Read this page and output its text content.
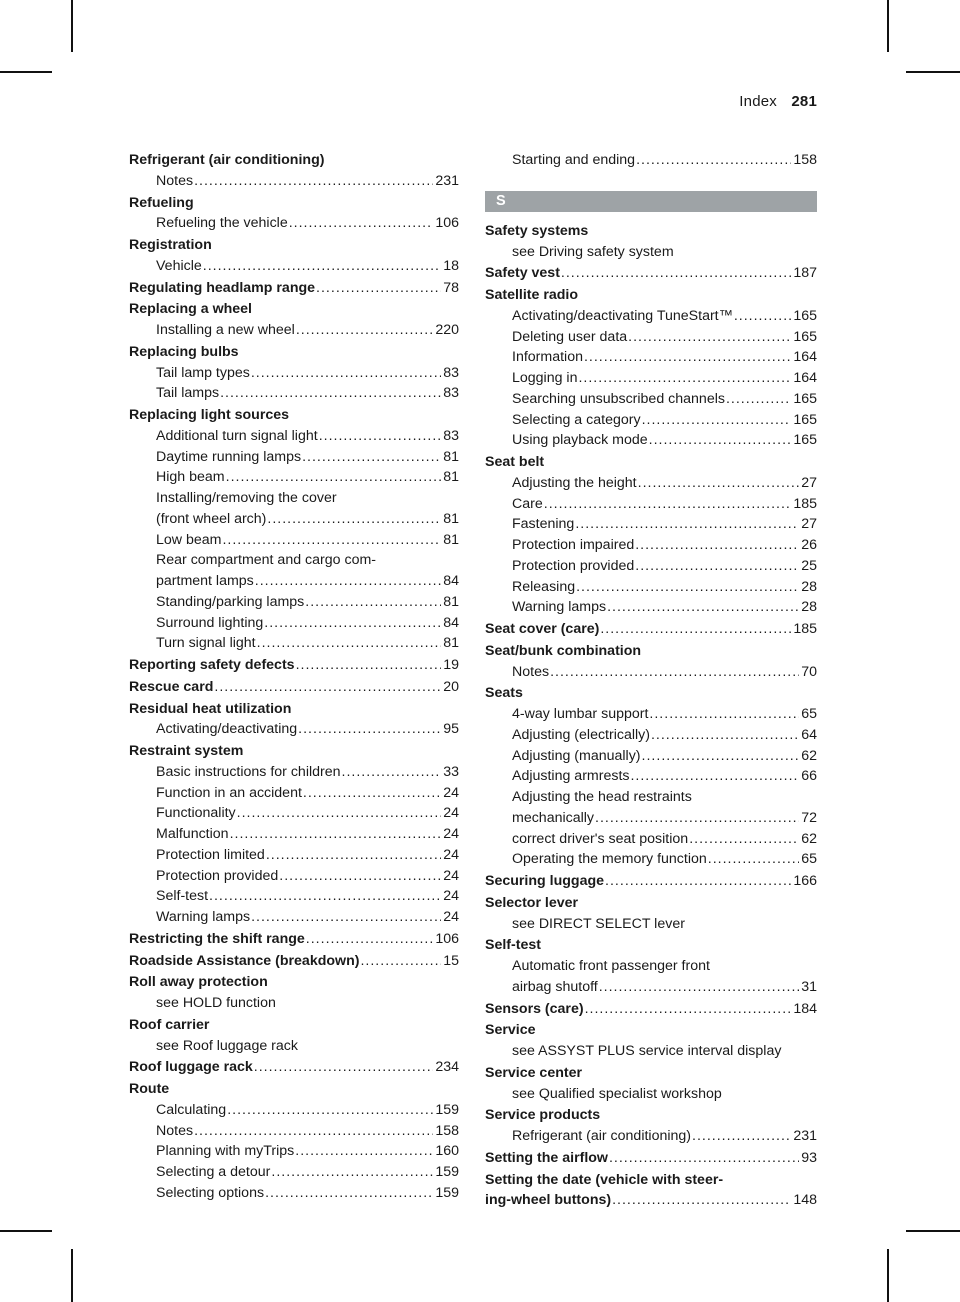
Index 281
Refrigerant (air conditioning)
Notes .....	231
Refueling
Refueling the vehicle .....	106
Registration
Vehicle .....	18
Regulating headlamp range .....	78
Replacing a wheel
Installing a new wheel .....	220
Replacing bulbs
Tail lamp types .....	83
Tail lamps .....	83
Replacing light sources
Additional turn signal light .....	83
Daytime running lamps .....	81
High beam .....	81
Installing/removing the cover
(front wheel arch) .....	81
Low beam .....	81
Rear compartment and cargo com-
partment lamps .....	84
Standing/parking lamps .....	81
Surround lighting .....	84
Turn signal light .....	81
Reporting safety defects .....	19
Rescue card .....	20
Residual heat utilization
Activating/deactivating .....	95
Restraint system
Basic instructions for children .....	33
Function in an accident .....	24
Functionality .....	24
Malfunction .....	24
Protection limited .....	24
Protection provided .....	24
Self-test .....	24
Warning lamps .....	24
Restricting the shift range .....	106
Roadside Assistance (breakdown) .....	15
Roll away protection
see HOLD function
Roof carrier
see Roof luggage rack
Roof luggage rack .....	234
Route
Calculating .....	159
Notes .....	158
Planning with myTrips .....	160
Selecting a detour .....	159
Selecting options .....	159
Starting and ending .....	158
S
Safety systems
see Driving safety system
Safety vest .....	187
Satellite radio
Activating/deactivating TuneStart™ .....	165
Deleting user data .....	165
Information .....	164
Logging in .....	164
Searching unsubscribed channels .....	165
Selecting a category .....	165
Using playback mode .....	165
Seat belt
Adjusting the height .....	27
Care .....	185
Fastening .....	27
Protection impaired .....	26
Protection provided .....	25
Releasing .....	28
Warning lamps .....	28
Seat cover (care) .....	185
Seat/bunk combination
Notes .....	70
Seats
4-way lumbar support .....	65
Adjusting (electrically) .....	64
Adjusting (manually) .....	62
Adjusting armrests .....	66
Adjusting the head restraints
mechanically .....	72
correct driver's seat position .....	62
Operating the memory function .....	65
Securing luggage .....	166
Selector lever
see DIRECT SELECT lever
Self-test
Automatic front passenger front
airbag shutoff .....	31
Sensors (care) .....	184
Service
see ASSYST PLUS service interval display
Service center
see Qualified specialist workshop
Service products
Refrigerant (air conditioning) .....	231
Setting the airflow .....	93
Setting the date (vehicle with steer-
ing-wheel buttons) .....	148
